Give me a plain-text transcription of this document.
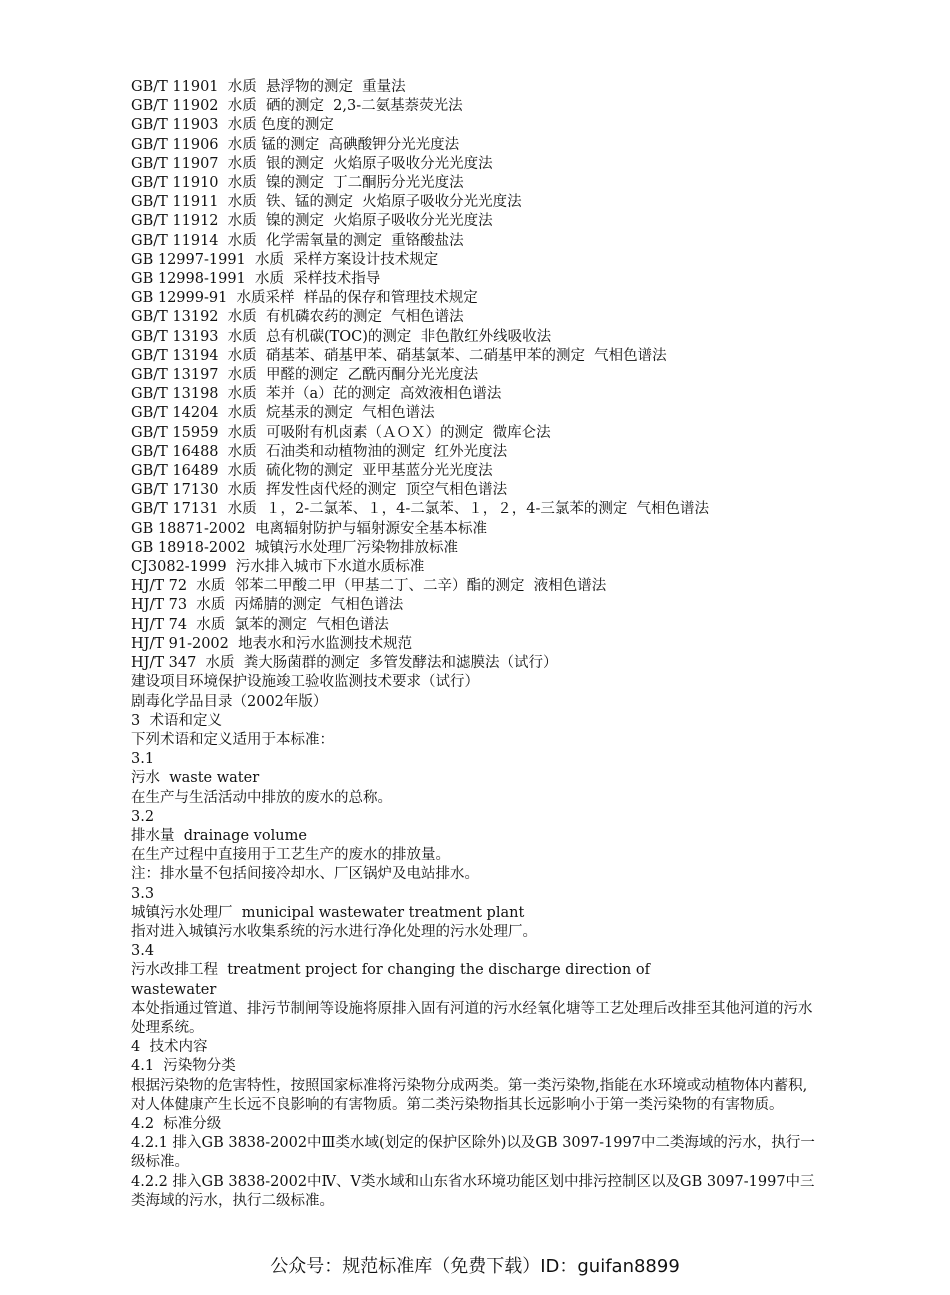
GB/T 11901  水质  悬浮物的测定  重量法
GB/T 11902  水质  硒的测定  2,3-二氨基萘荧光法
GB/T 11903  水质 色度的测定
GB/T 11906  水质 锰的测定  高碘酸钾分光光度法
GB/T 11907  水质  银的测定  火焰原子吸收分光光度法
GB/T 11910  水质  镍的测定  丁二酮肟分光光度法
GB/T 11911  水质  铁、锰的测定  火焰原子吸收分光光度法
GB/T 11912  水质  镍的测定  火焰原子吸收分光光度法
GB/T 11914  水质  化学需氧量的测定  重铬酸盐法
GB 12997-1991  水质  采样方案设计技术规定
GB 12998-1991  水质  采样技术指导
GB 12999-91  水质采样  样品的保存和管理技术规定
GB/T 13192  水质  有机磷农药的测定  气相色谱法
GB/T 13193  水质  总有机碳(TOC)的测定  非色散红外线吸收法
GB/T 13194  水质  硝基苯、硝基甲苯、硝基氯苯、二硝基甲苯的测定  气相色谱法
GB/T 13197  水质  甲醛的测定  乙酰丙酮分光光度法
GB/T 13198  水质  苯并（a）芘的测定  高效液相色谱法
GB/T 14204  水质  烷基汞的测定  气相色谱法
GB/T 15959  水质  可吸附有机卤素（ＡＯＸ）的测定  微库仑法
GB/T 16488  水质  石油类和动植物油的测定  红外光度法
GB/T 16489  水质  硫化物的测定  亚甲基蓝分光光度法
GB/T 17130  水质  挥发性卤代烃的测定  顶空气相色谱法
GB/T 17131  水质  １，2-二氯苯、１，4-二氯苯、１，２，4-三氯苯的测定  气相色谱法
GB 18871-2002  电离辐射防护与辐射源安全基本标准
GB 18918-2002  城镇污水处理厂污染物排放标准
CJ3082-1999  污水排入城市下水道水质标准
HJ/T 72  水质  邻苯二甲酸二甲（甲基二丁、二辛）酯的测定  液相色谱法
HJ/T 73  水质  丙烯腈的测定  气相色谱法
HJ/T 74  水质  氯苯的测定  气相色谱法
HJ/T 91-2002  地表水和污水监测技术规范
HJ/T 347  水质  粪大肠菌群的测定  多管发酵法和滤膜法（试行）
建设项目环境保护设施竣工验收监测技术要求（试行）
剧毒化学品目录（2002年版）
3  术语和定义
下列术语和定义适用于本标准：
3.1
污水  waste water
在生产与生活活动中排放的废水的总称。
3.2
排水量  drainage volume
在生产过程中直接用于工艺生产的废水的排放量。
注：排水量不包括间接冷却水、厂区锅炉及电站排水。
3.3
城镇污水处理厂  municipal wastewater treatment plant
指对进入城镇污水收集系统的污水进行净化处理的污水处理厂。
3.4
污水改排工程  treatment project for changing the discharge direction of
wastewater
本处指通过管道、排污节制闸等设施将原排入固有河道的污水经氧化塘等工艺处理后改排至其他河道的污水处理系统。
4  技术内容
4.1  污染物分类
根据污染物的危害特性，按照国家标准将污染物分成两类。第一类污染物,指能在水环境或动植物体内蓄积,对人体健康产生长远不良影响的有害物质。第二类污染物指其长远影响小于第一类污染物的有害物质。
4.2  标准分级
4.2.1 排入GB 3838-2002中Ⅲ类水域(划定的保护区除外)以及GB 3097-1997中二类海域的污水，执行一级标准。
4.2.2 排入GB 3838-2002中Ⅳ、Ⅴ类水域和山东省水环境功能区划中排污控制区以及GB 3097-1997中三类海域的污水，执行二级标准。
公众号：规范标准库（免费下载）ID：guifan8899
